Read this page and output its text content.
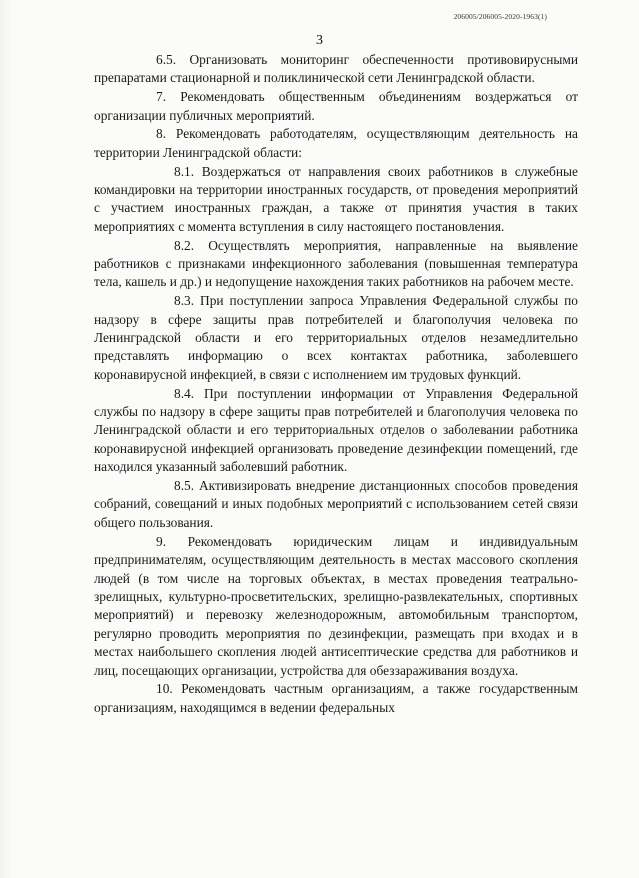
206005/206005-2020-1963(1)
3

6.5. Организовать мониторинг обеспеченности противовирусными препаратами стационарной и поликлинической сети Ленинградской области.

7. Рекомендовать общественным объединениям воздержаться от организации публичных мероприятий.

8. Рекомендовать работодателям, осуществляющим деятельность на территории Ленинградской области:

8.1. Воздержаться от направления своих работников в служебные командировки на территории иностранных государств, от проведения мероприятий с участием иностранных граждан, а также от принятия участия в таких мероприятиях с момента вступления в силу настоящего постановления.

8.2. Осуществлять мероприятия, направленные на выявление работников с признаками инфекционного заболевания (повышенная температура тела, кашель и др.) и недопущение нахождения таких работников на рабочем месте.

8.3. При поступлении запроса Управления Федеральной службы по надзору в сфере защиты прав потребителей и благополучия человека по Ленинградской области и его территориальных отделов незамедлительно представлять информацию о всех контактах работника, заболевшего коронавирусной инфекцией, в связи с исполнением им трудовых функций.

8.4. При поступлении информации от Управления Федеральной службы по надзору в сфере защиты прав потребителей и благополучия человека по Ленинградской области и его территориальных отделов о заболевании работника коронавирусной инфекцией организовать проведение дезинфекции помещений, где находился указанный заболевший работник.

8.5. Активизировать внедрение дистанционных способов проведения собраний, совещаний и иных подобных мероприятий с использованием сетей связи общего пользования.

9. Рекомендовать юридическим лицам и индивидуальным предпринимателям, осуществляющим деятельность в местах массового скопления людей (в том числе на торговых объектах, в местах проведения театрально-зрелищных, культурно-просветительских, зрелищно-развлекательных, спортивных мероприятий) и перевозку железнодорожным, автомобильным транспортом, регулярно проводить мероприятия по дезинфекции, размещать при входах и в местах наибольшего скопления людей антисептические средства для работников и лиц, посещающих организации, устройства для обеззараживания воздуха.

10. Рекомендовать частным организациям, а также государственным организациям, находящимся в ведении федеральных
